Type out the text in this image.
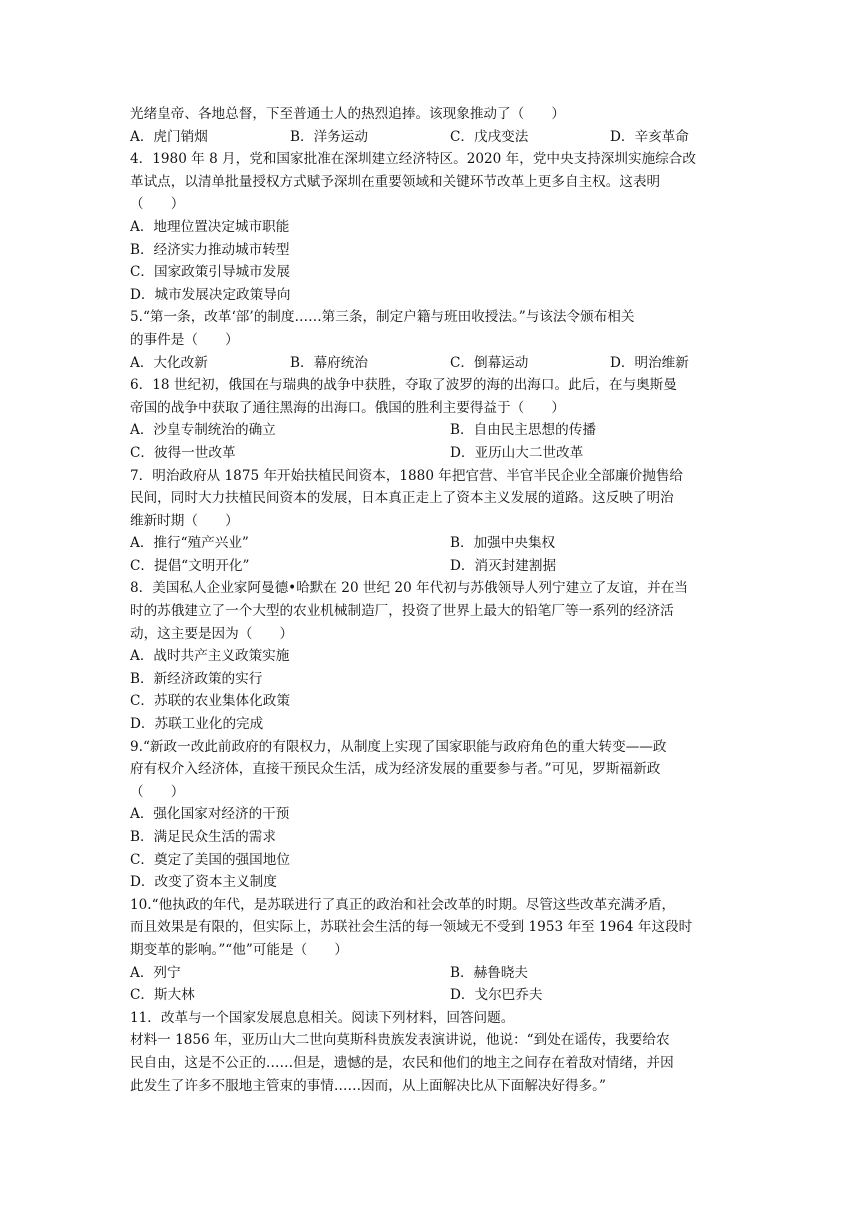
光绪皇帝、各地总督，下至普通士人的热烈追捧。该现象推动了（　　）
A．虎门销烟	B．洋务运动	C．戊戌变法	D．辛亥革命
4．1980 年 8 月，党和国家批准在深圳建立经济特区。2020 年，党中央支持深圳实施综合改
革试点，以清单批量授权方式赋予深圳在重要领域和关键环节改革上更多自主权。这表明
（　　）
A．地理位置决定城市职能
B．经济实力推动城市转型
C．国家政策引导城市发展
D．城市发展决定政策导向
5.“第一条，改革‘部’的制度……第三条，制定户籍与班田收授法。”与该法令颁布相关
的事件是（　　）
A．大化改新	B．幕府统治	C．倒幕运动	D．明治维新
6．18 世纪初，俄国在与瑞典的战争中获胜，夺取了波罗的海的出海口。此后，在与奥斯曼
帝国的战争中获取了通往黑海的出海口。俄国的胜利主要得益于（　　）
A．沙皇专制统治的确立	B．自由民主思想的传播
C．彼得一世改革	D．亚历山大二世改革
7．明治政府从 1875 年开始扶植民间资本，1880 年把官营、半官半民企业全部廉价抛售给
民间，同时大力扶植民间资本的发展，日本真正走上了资本主义发展的道路。这反映了明治
维新时期（　　）
A．推行“殖产兴业”	B．加强中央集权
C．提倡“文明开化”	D．消灭封建割据
8．美国私人企业家阿曼德•哈默在 20 世纪 20 年代初与苏俄领导人列宁建立了友谊，并在当
时的苏俄建立了一个大型的农业机械制造厂，投资了世界上最大的铅笔厂等一系列的经济活
动，这主要是因为（　　）
A．战时共产主义政策实施
B．新经济政策的实行
C．苏联的农业集体化政策
D．苏联工业化的完成
9.“新政一改此前政府的有限权力，从制度上实现了国家职能与政府角色的重大转变——政
府有权介入经济体，直接干预民众生活，成为经济发展的重要参与者。”可见，罗斯福新政
（　　）
A．强化国家对经济的干预
B．满足民众生活的需求
C．奠定了美国的强国地位
D．改变了资本主义制度
10.“他执政的年代，是苏联进行了真正的政治和社会改革的时期。尽管这些改革充满矛盾，
而且效果是有限的，但实际上，苏联社会生活的每一领域无不受到 1953 年至 1964 年这段时
期变革的影响。”“他”可能是（　　）
A．列宁	B．赫鲁晓夫
C．斯大林	D．戈尔巴乔夫
11．改革与一个国家发展息息相关。阅读下列材料，回答问题。
材料一 1856 年，亚历山大二世向莫斯科贵族发表演讲说，他说：“到处在谣传，我要给农
民自由，这是不公正的……但是，遗憾的是，农民和他们的地主之间存在着敌对情绪，并因
此发生了许多不服地主管束的事情……因而，从上面解决比从下面解决好得多。”
